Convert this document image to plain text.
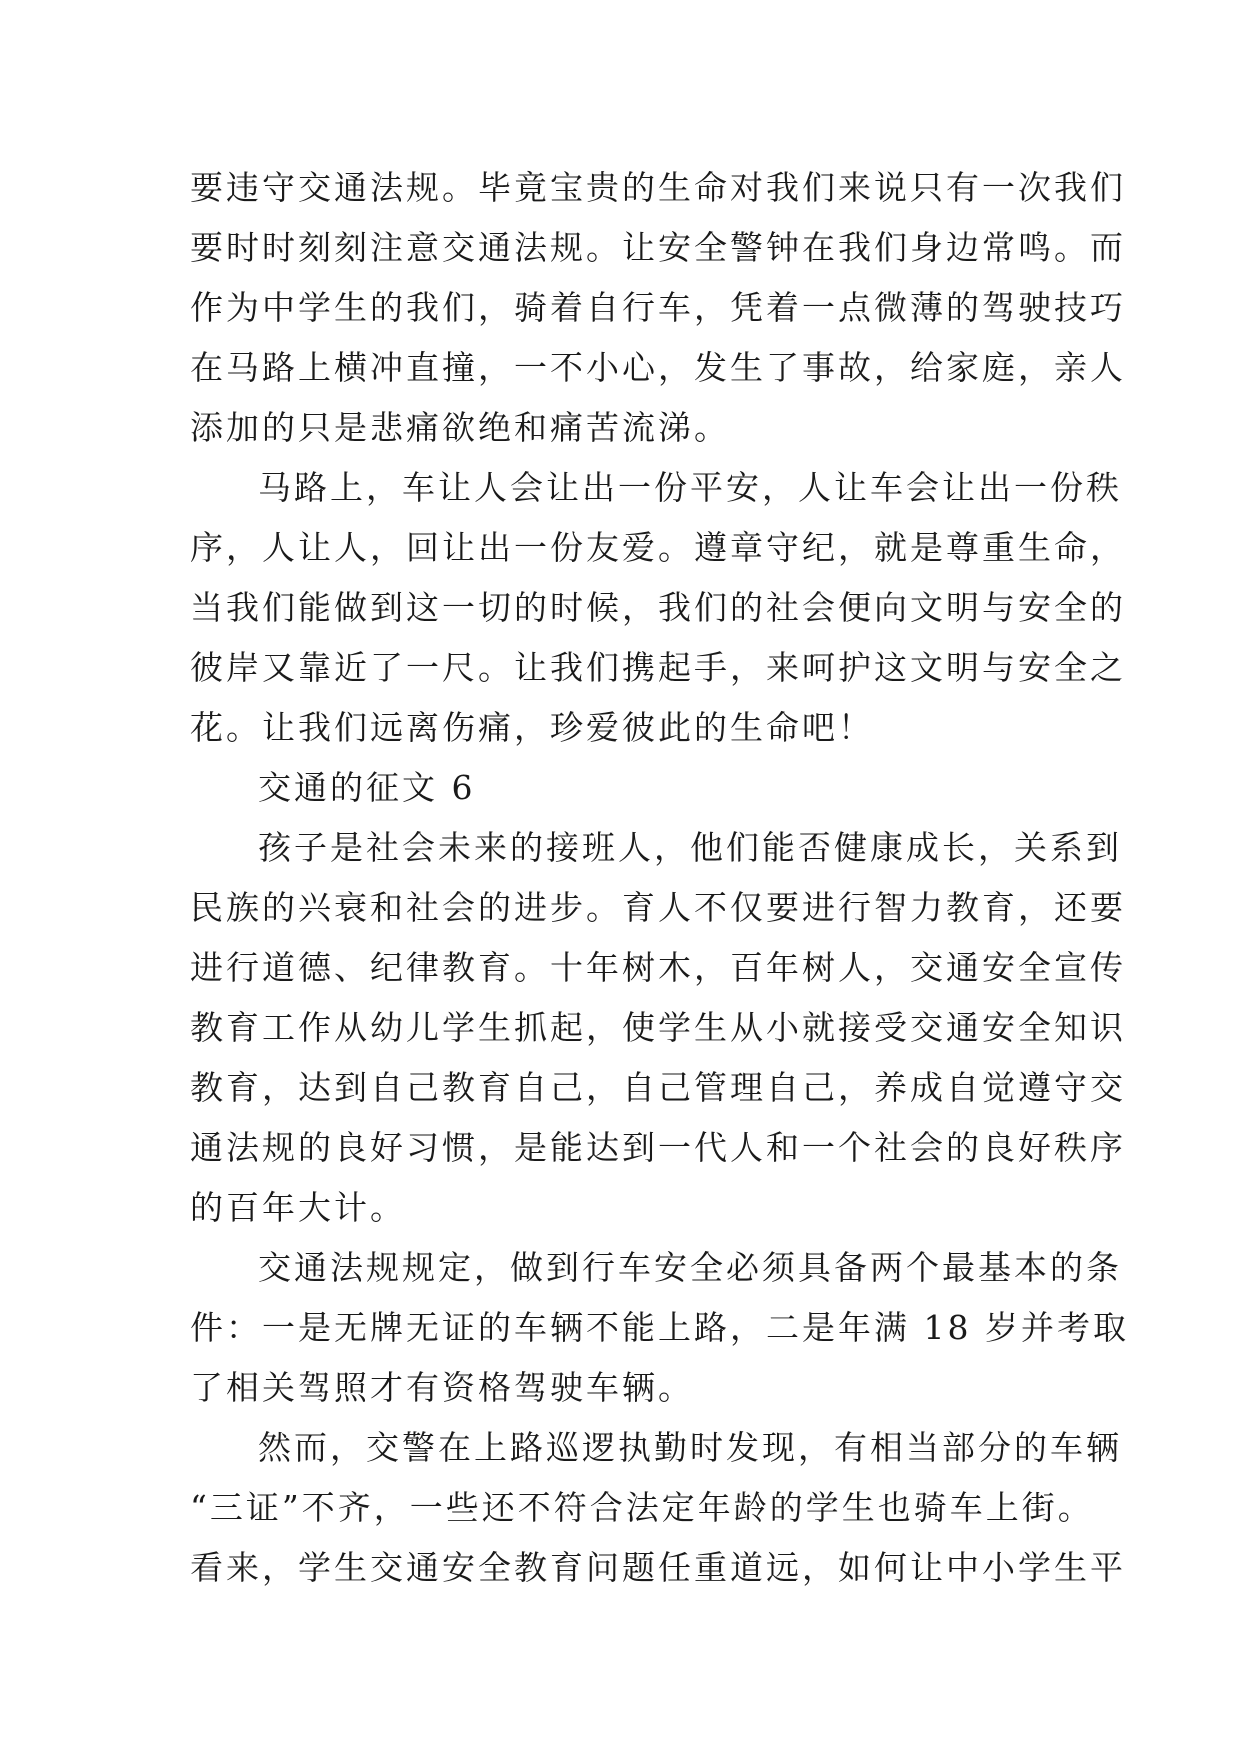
要违守交通法规。毕竟宝贵的生命对我们来说只有一次我们
要时时刻刻注意交通法规。让安全警钟在我们身边常鸣。而
作为中学生的我们，骑着自行车，凭着一点微薄的驾驶技巧
在马路上横冲直撞，一不小心，发生了事故，给家庭，亲人
添加的只是悲痛欲绝和痛苦流涕。
马路上，车让人会让出一份平安，人让车会让出一份秩
序，人让人，回让出一份友爱。遵章守纪，就是尊重生命，
当我们能做到这一切的时候，我们的社会便向文明与安全的
彼岸又靠近了一尺。让我们携起手，来呵护这文明与安全之
花。让我们远离伤痛，珍爱彼此的生命吧！
交通的征文 6
孩子是社会未来的接班人，他们能否健康成长，关系到
民族的兴衰和社会的进步。育人不仅要进行智力教育，还要
进行道德、纪律教育。十年树木，百年树人，交通安全宣传
教育工作从幼儿学生抓起，使学生从小就接受交通安全知识
教育，达到自己教育自己，自己管理自己，养成自觉遵守交
通法规的良好习惯，是能达到一代人和一个社会的良好秩序
的百年大计。
交通法规规定，做到行车安全必须具备两个最基本的条
件：一是无牌无证的车辆不能上路，二是年满 18 岁并考取
了相关驾照才有资格驾驶车辆。
然而，交警在上路巡逻执勤时发现，有相当部分的车辆
“三证”不齐，一些还不符合法定年龄的学生也骑车上街。
看来，学生交通安全教育问题任重道远，如何让中小学生平
